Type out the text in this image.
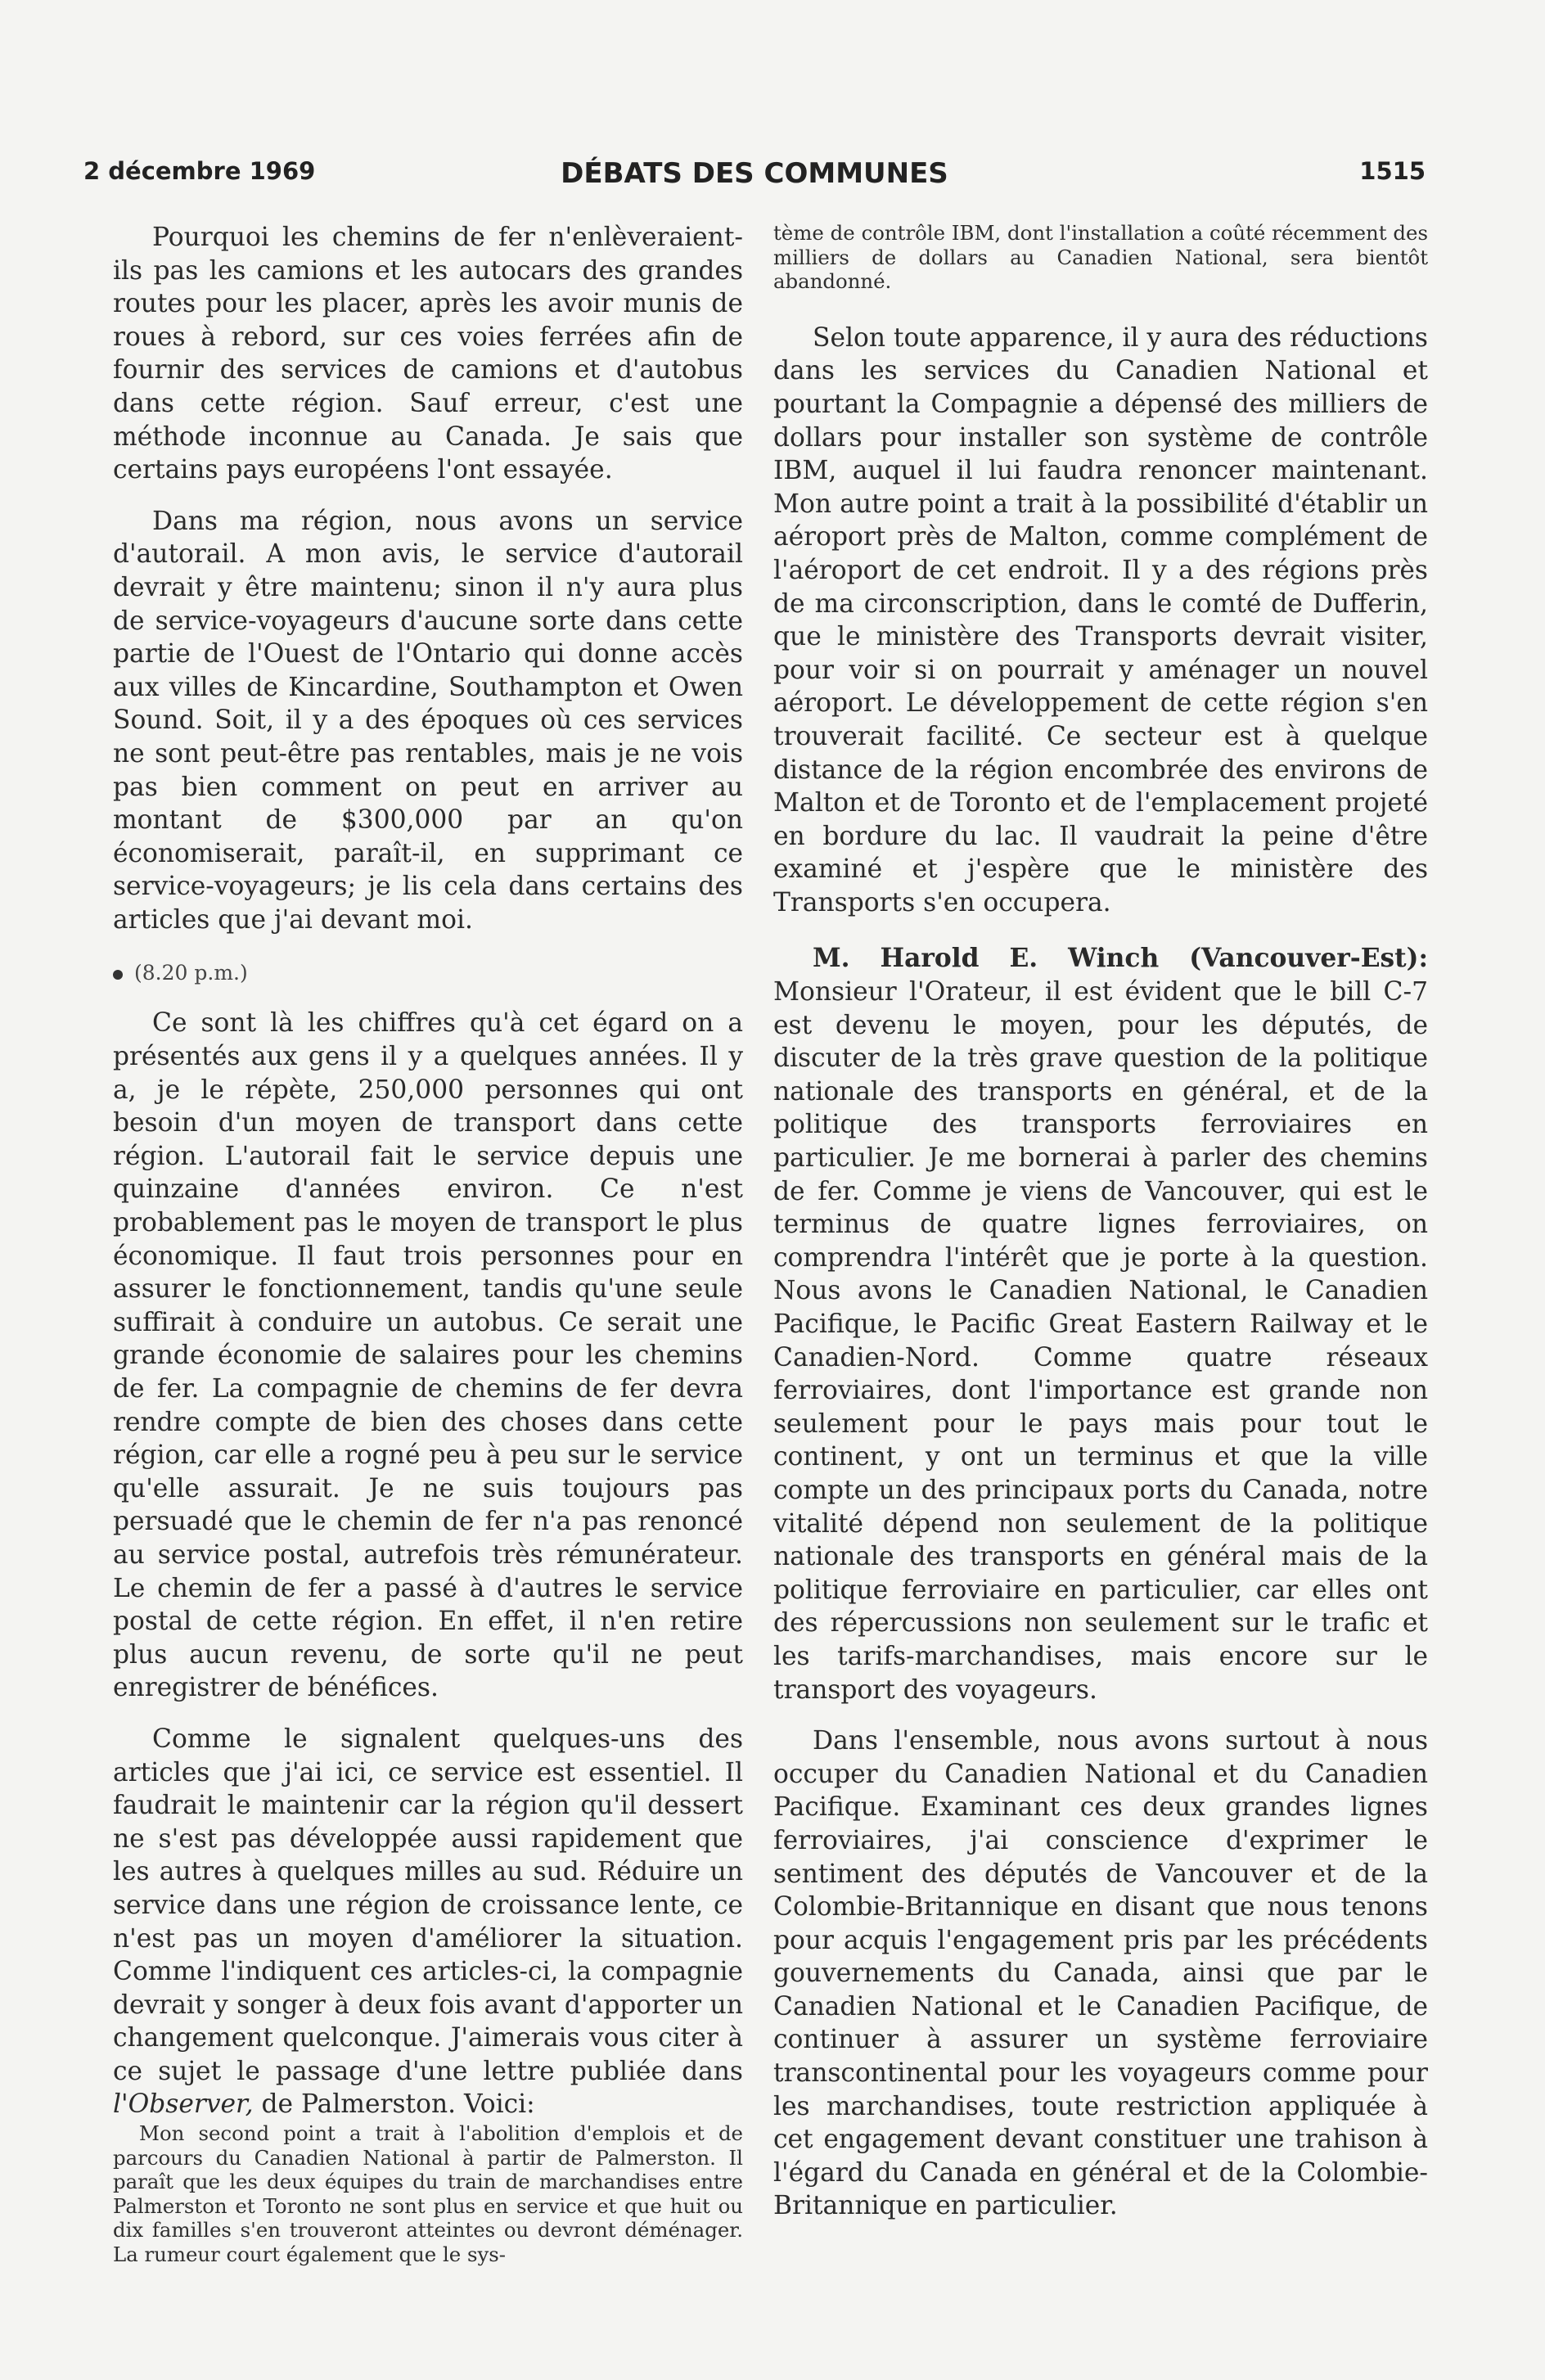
2 décembre 1969	DÉBATS DES COMMUNES	1515

Pourquoi les chemins de fer n'enlèveraient-ils pas les camions et les autocars des grandes routes pour les placer, après les avoir munis de roues à rebord, sur ces voies ferrées afin de fournir des services de camions et d'autobus dans cette région. Sauf erreur, c'est une méthode inconnue au Canada. Je sais que certains pays européens l'ont essayée.

Dans ma région, nous avons un service d'autorail. A mon avis, le service d'autorail devrait y être maintenu; sinon il n'y aura plus de service-voyageurs d'aucune sorte dans cette partie de l'Ouest de l'Ontario qui donne accès aux villes de Kincardine, Southampton et Owen Sound. Soit, il y a des époques où ces services ne sont peut-être pas rentables, mais je ne vois pas bien comment on peut en arriver au montant de $300,000 par an qu'on économiserait, paraît-il, en supprimant ce service-voyageurs; je lis cela dans certains des articles que j'ai devant moi.

(8.20 p.m.)

Ce sont là les chiffres qu'à cet égard on a présentés aux gens il y a quelques années. Il y a, je le répète, 250,000 personnes qui ont besoin d'un moyen de transport dans cette région. L'autorail fait le service depuis une quinzaine d'années environ. Ce n'est probablement pas le moyen de transport le plus économique. Il faut trois personnes pour en assurer le fonctionnement, tandis qu'une seule suffirait à conduire un autobus. Ce serait une grande économie de salaires pour les chemins de fer. La compagnie de chemins de fer devra rendre compte de bien des choses dans cette région, car elle a rogné peu à peu sur le service qu'elle assurait. Je ne suis toujours pas persuadé que le chemin de fer n'a pas renoncé au service postal, autrefois très rémunérateur. Le chemin de fer a passé à d'autres le service postal de cette région. En effet, il n'en retire plus aucun revenu, de sorte qu'il ne peut enregistrer de bénéfices.

Comme le signalent quelques-uns des articles que j'ai ici, ce service est essentiel. Il faudrait le maintenir car la région qu'il dessert ne s'est pas développée aussi rapidement que les autres à quelques milles au sud. Réduire un service dans une région de croissance lente, ce n'est pas un moyen d'améliorer la situation. Comme l'indiquent ces articles-ci, la compagnie devrait y songer à deux fois avant d'apporter un changement quelconque. J'aimerais vous citer à ce sujet le passage d'une lettre publiée dans l'Observer, de Palmerston. Voici:

Mon second point a trait à l'abolition d'emplois et de parcours du Canadien National à partir de Palmerston. Il paraît que les deux équipes du train de marchandises entre Palmerston et Toronto ne sont plus en service et que huit ou dix familles s'en trouveront atteintes ou devront déménager. La rumeur court également que le sys-

tème de contrôle IBM, dont l'installation a coûté récemment des milliers de dollars au Canadien National, sera bientôt abandonné.

Selon toute apparence, il y aura des réductions dans les services du Canadien National et pourtant la Compagnie a dépensé des milliers de dollars pour installer son système de contrôle IBM, auquel il lui faudra renoncer maintenant. Mon autre point a trait à la possibilité d'établir un aéroport près de Malton, comme complément de l'aéroport de cet endroit. Il y a des régions près de ma circonscription, dans le comté de Dufferin, que le ministère des Transports devrait visiter, pour voir si on pourrait y aménager un nouvel aéroport. Le développement de cette région s'en trouverait facilité. Ce secteur est à quelque distance de la région encombrée des environs de Malton et de Toronto et de l'emplacement projeté en bordure du lac. Il vaudrait la peine d'être examiné et j'espère que le ministère des Transports s'en occupera.

M. Harold E. Winch (Vancouver-Est): Monsieur l'Orateur, il est évident que le bill C-7 est devenu le moyen, pour les députés, de discuter de la très grave question de la politique nationale des transports en général, et de la politique des transports ferroviaires en particulier. Je me bornerai à parler des chemins de fer. Comme je viens de Vancouver, qui est le terminus de quatre lignes ferroviaires, on comprendra l'intérêt que je porte à la question. Nous avons le Canadien National, le Canadien Pacifique, le Pacific Great Eastern Railway et le Canadien-Nord. Comme quatre réseaux ferroviaires, dont l'importance est grande non seulement pour le pays mais pour tout le continent, y ont un terminus et que la ville compte un des principaux ports du Canada, notre vitalité dépend non seulement de la politique nationale des transports en général mais de la politique ferroviaire en particulier, car elles ont des répercussions non seulement sur le trafic et les tarifs-marchandises, mais encore sur le transport des voyageurs.

Dans l'ensemble, nous avons surtout à nous occuper du Canadien National et du Canadien Pacifique. Examinant ces deux grandes lignes ferroviaires, j'ai conscience d'exprimer le sentiment des députés de Vancouver et de la Colombie-Britannique en disant que nous tenons pour acquis l'engagement pris par les précédents gouvernements du Canada, ainsi que par le Canadien National et le Canadien Pacifique, de continuer à assurer un système ferroviaire transcontinental pour les voyageurs comme pour les marchandises, toute restriction appliquée à cet engagement devant constituer une trahison à l'égard du Canada en général et de la Colombie-Britannique en particulier.
